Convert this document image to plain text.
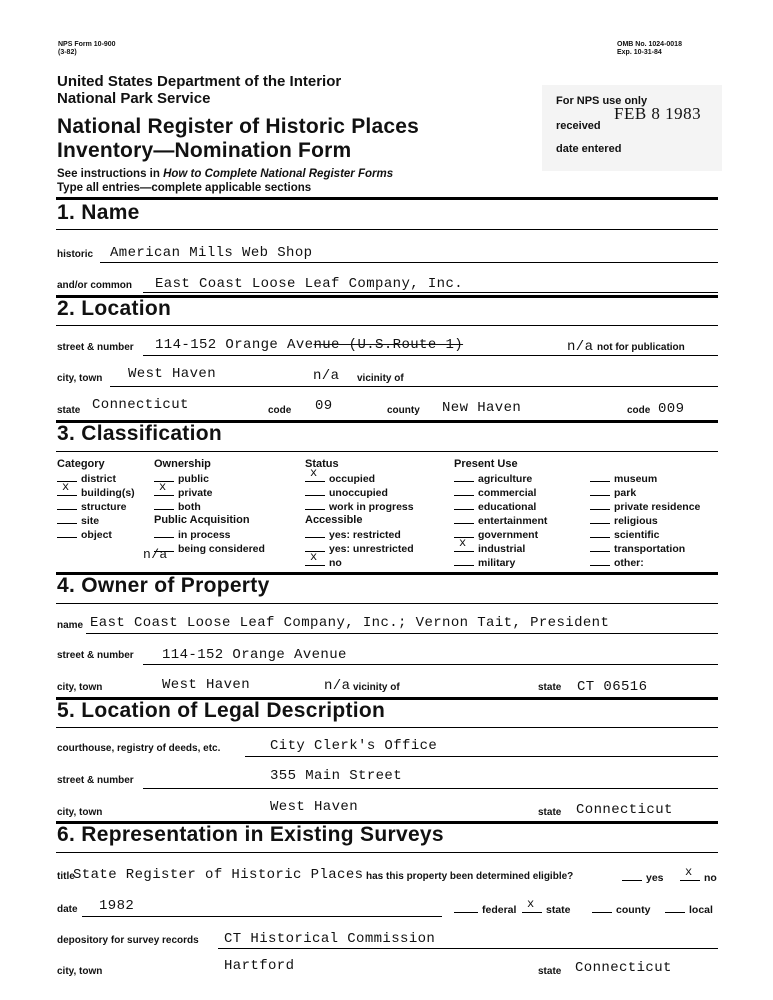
NPS Form 10-900
(3-82)
OMB No. 1024-0018
Exp. 10-31-84
United States Department of the Interior
National Park Service
National Register of Historic Places
Inventory—Nomination Form
See instructions in How to Complete National Register Forms
Type all entries—complete applicable sections
For NPS use only
received
FEB 8 1983
date entered
1. Name
historic American Mills Web Shop
and/or common East Coast Loose Leaf Company, Inc.
2. Location
street & number 114-152 Orange Avenue (U.S.Route 1)	n/a not for publication
city, town West Haven	n/a vicinity of
state Connecticut	code 09	county New Haven	code 009
3. Classification
Category
district
x building(s)
structure
site
object
Ownership
public
x private
both
Public Acquisition
in process
being considered
n/a
Status
x occupied
unoccupied
work in progress
Accessible
yes: restricted
yes: unrestricted
x no
Present Use
agriculture
commercial
educational
entertainment
government
x industrial
military
museum
park
private residence
religious
scientific
transportation
other:
4. Owner of Property
name East Coast Loose Leaf Company, Inc.; Vernon Tait, President
street & number 114-152 Orange Avenue
city, town	West Haven	n/a vicinity of	state CT 06516
5. Location of Legal Description
courthouse, registry of deeds, etc.	City Clerk's Office
street & number	355 Main Street
city, town	West Haven	state Connecticut
6. Representation in Existing Surveys
title
State Register of Historic Places has this property been determined eligible?	yes x no
date 1982	federal x state	county	local
depository for survey records CT Historical Commission
city, town	Hartford	state Connecticut
